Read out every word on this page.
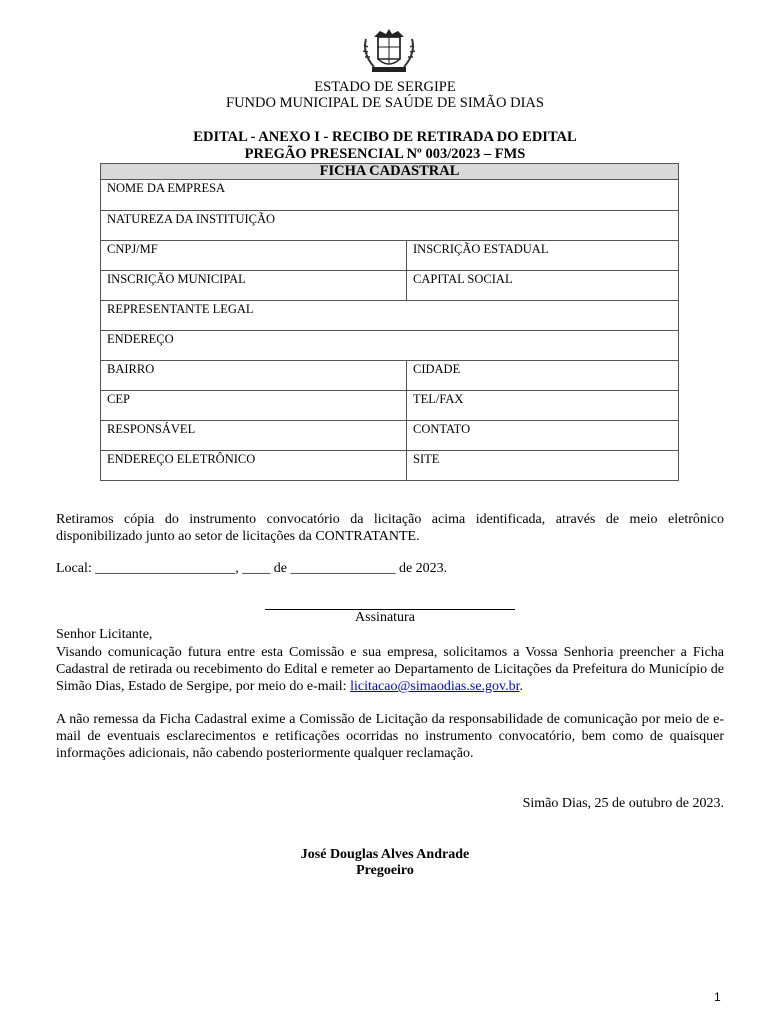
ESTADO DE SERGIPE
FUNDO MUNICIPAL DE SAÚDE DE SIMÃO DIAS
EDITAL - ANEXO I - RECIBO DE RETIRADA DO EDITAL
PREGÃO PRESENCIAL Nº 003/2023 – FMS
FICHA CADASTRAL	
NOME DA EMPRESA	
NATUREZA DA INSTITUIÇÃO	
CNPJ/MF	INSCRIÇÃO ESTADUAL
INSCRIÇÃO MUNICIPAL	CAPITAL SOCIAL
REPRESENTANTE LEGAL	
ENDEREÇO	
BAIRRO	CIDADE
CEP	TEL/FAX
RESPONSÁVEL	CONTATO
ENDEREÇO ELETRÔNICO	SITE
Retiramos cópia do instrumento convocatório da licitação acima identificada, através de meio eletrônico disponibilizado junto ao setor de licitações da CONTRATANTE.
Local: ____________________, ____ de _______________ de 2023.
Assinatura
Senhor Licitante,
Visando comunicação futura entre esta Comissão e sua empresa, solicitamos a Vossa Senhoria preencher a Ficha Cadastral de retirada ou recebimento do Edital e remeter ao Departamento de Licitações da Prefeitura do Município de Simão Dias, Estado de Sergipe, por meio do e-mail: licitacao@simaodias.se.gov.br.
A não remessa da Ficha Cadastral exime a Comissão de Licitação da responsabilidade de comunicação por meio de e-mail de eventuais esclarecimentos e retificações ocorridas no instrumento convocatório, bem como de quaisquer informações adicionais, não cabendo posteriormente qualquer reclamação.
Simão Dias, 25 de outubro de 2023.
José Douglas Alves Andrade
Pregoeiro
1
